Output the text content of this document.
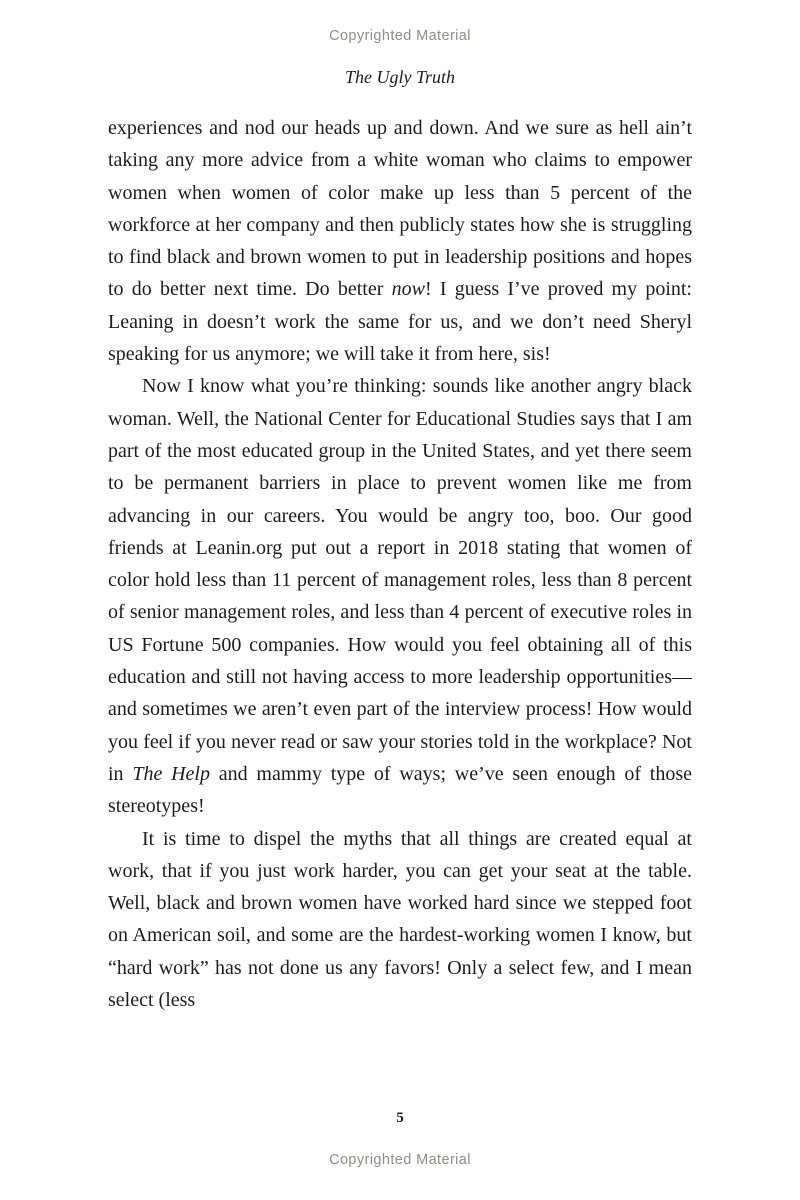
Copyrighted Material
The Ugly Truth

experiences and nod our heads up and down. And we sure as hell ain’t taking any more advice from a white woman who claims to empower women when women of color make up less than 5 percent of the workforce at her company and then publicly states how she is struggling to find black and brown women to put in leadership positions and hopes to do better next time. Do better now! I guess I’ve proved my point: Leaning in doesn’t work the same for us, and we don’t need Sheryl speaking for us anymore; we will take it from here, sis!

Now I know what you’re thinking: sounds like another angry black woman. Well, the National Center for Educational Studies says that I am part of the most educated group in the United States, and yet there seem to be permanent barriers in place to prevent women like me from advancing in our careers. You would be angry too, boo. Our good friends at Leanin.org put out a report in 2018 stating that women of color hold less than 11 percent of management roles, less than 8 percent of senior management roles, and less than 4 percent of executive roles in US Fortune 500 companies. How would you feel obtaining all of this education and still not having access to more leadership opportunities—and sometimes we aren’t even part of the interview process! How would you feel if you never read or saw your stories told in the workplace? Not in The Help and mammy type of ways; we’ve seen enough of those stereotypes!

It is time to dispel the myths that all things are created equal at work, that if you just work harder, you can get your seat at the table. Well, black and brown women have worked hard since we stepped foot on American soil, and some are the hardest-working women I know, but “hard work” has not done us any favors! Only a select few, and I mean select (less

5
Copyrighted Material
